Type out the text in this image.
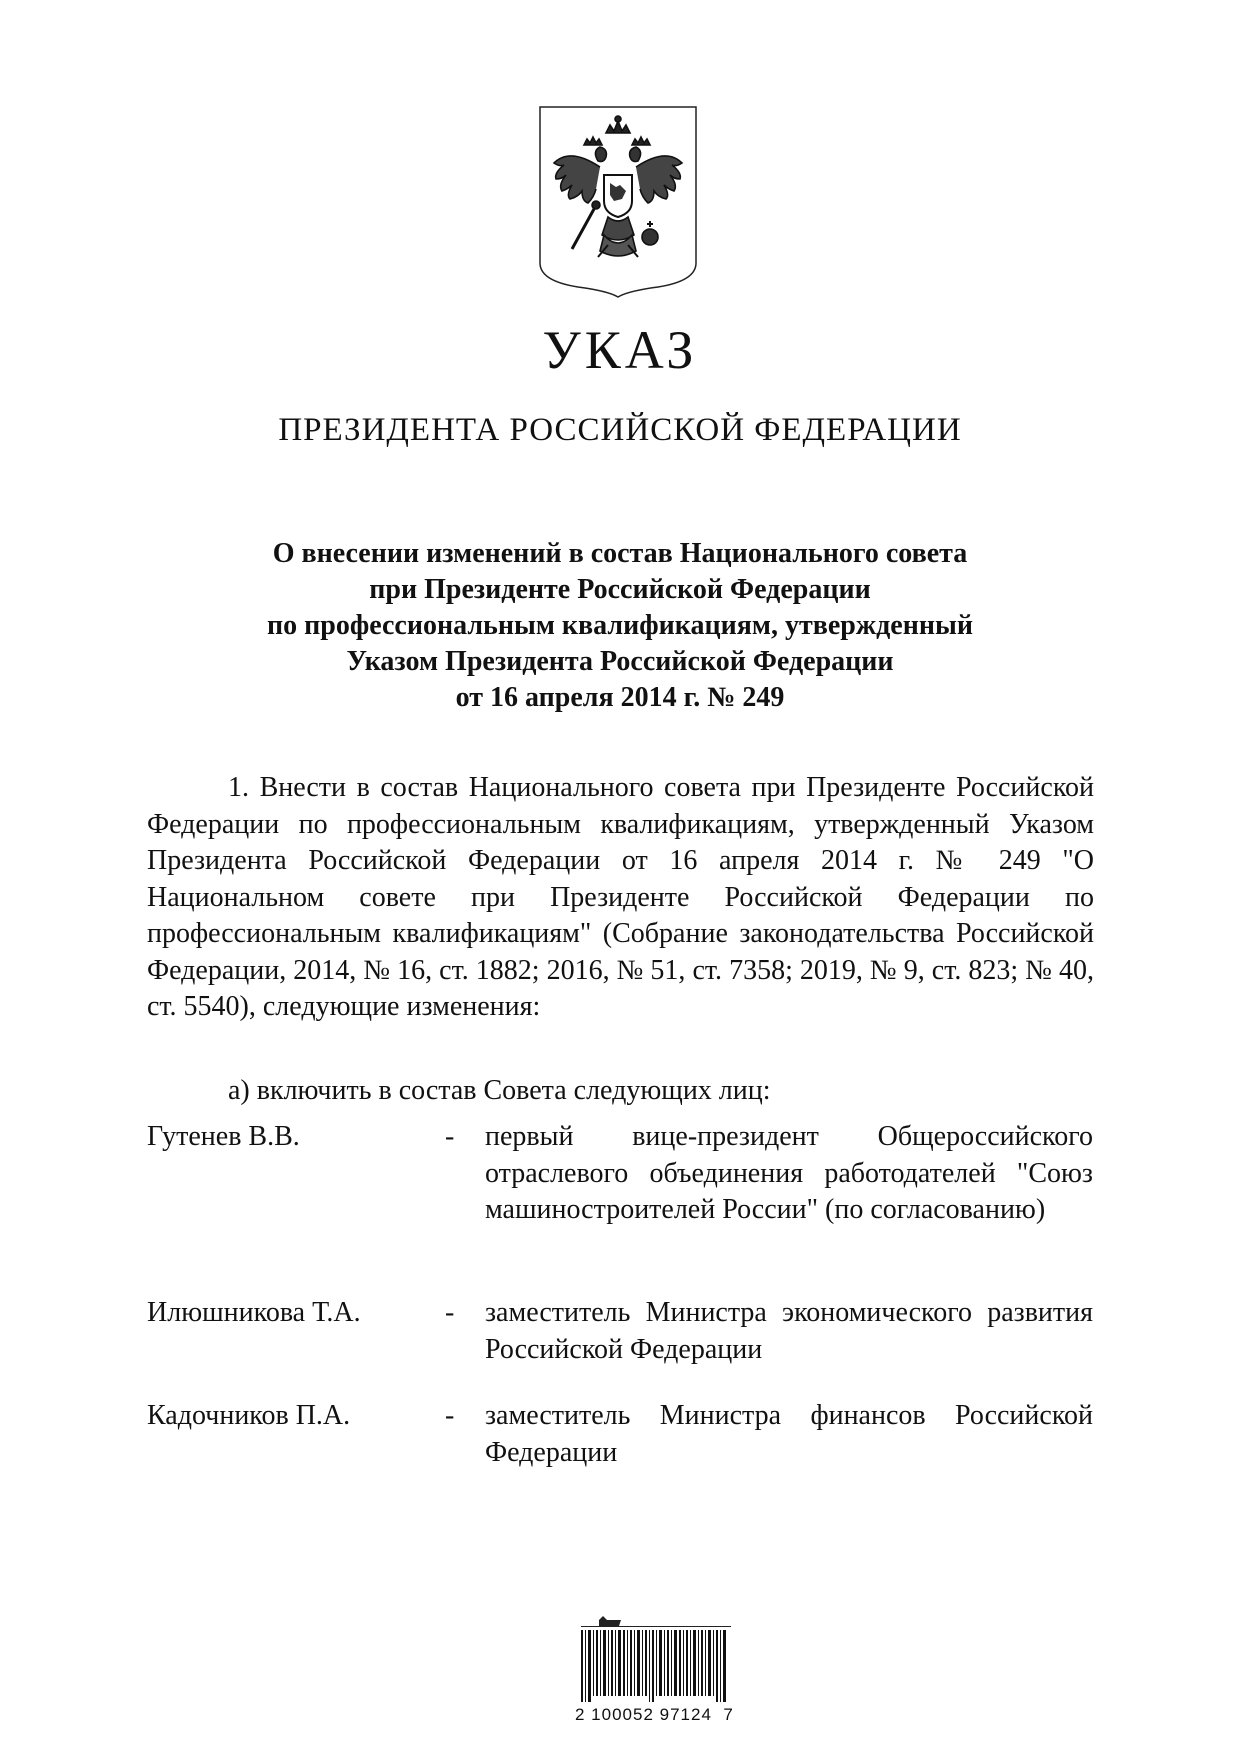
УКАЗ
ПРЕЗИДЕНТА РОССИЙСКОЙ ФЕДЕРАЦИИ
О внесении изменений в состав Национального совета
при Президенте Российской Федерации
по профессиональным квалификациям, утвержденный
Указом Президента Российской Федерации
от 16 апреля 2014 г. № 249
1. Внести в состав Национального совета при Президенте Российской Федерации по профессиональным квалификациям, утвержденный Указом Президента Российской Федерации от 16 апреля 2014 г. № 249 "О Национальном совете при Президенте Российской Федерации по профессиональным квалификациям" (Собрание законодательства Российской Федерации, 2014, № 16, ст. 1882; 2016, № 51, ст. 7358; 2019, № 9, ст. 823; № 40, ст. 5540), следующие изменения:
а) включить в состав Совета следующих лиц:
Гутенев В.В.	-	первый вице-президент Общероссийского отраслевого объединения работодателей "Союз машиностроителей России" (по согласованию)
Илюшникова Т.А.	-	заместитель Министра экономического развития Российской Федерации
Кадочников П.А.	-	заместитель Министра финансов Российской Федерации
2 100052 97124  7
